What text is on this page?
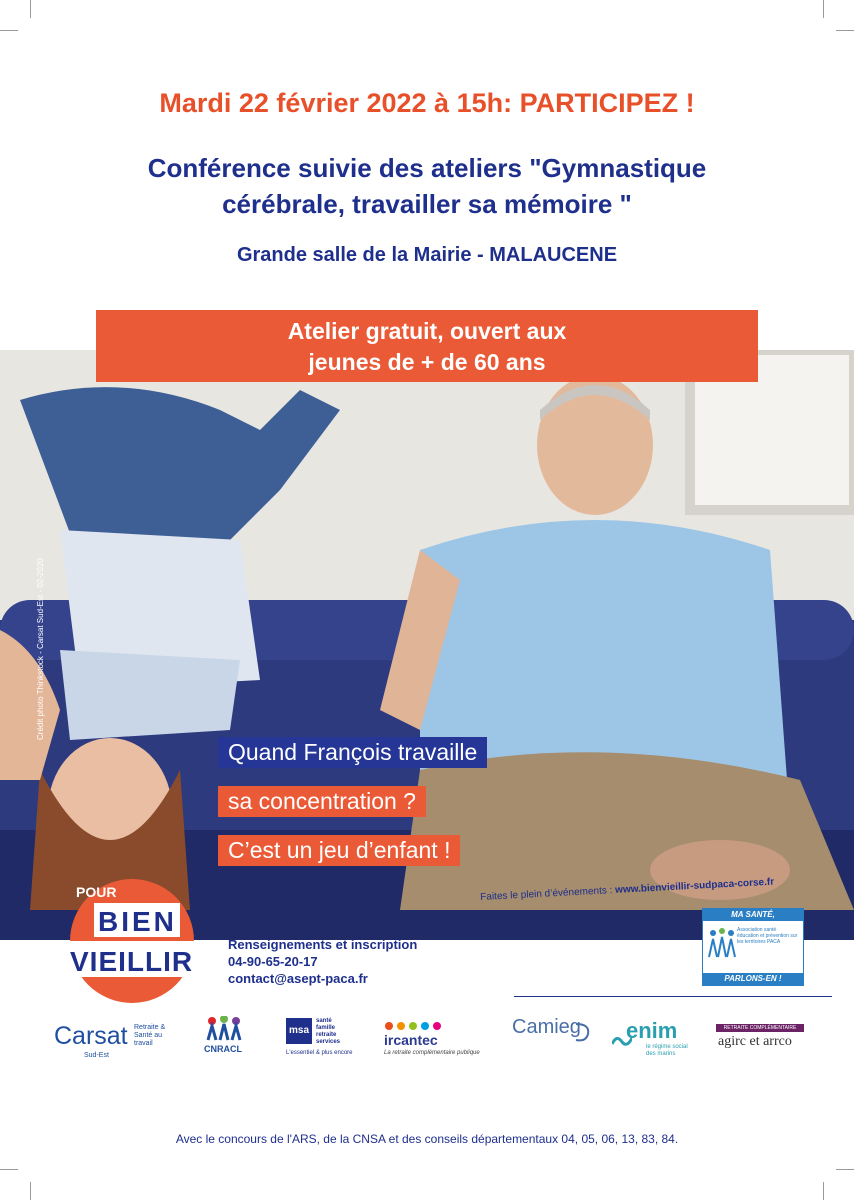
Mardi 22 février 2022 à 15h: PARTICIPEZ !
Conférence suivie des ateliers "Gymnastique
cérébrale, travailler sa mémoire "
Grande salle de la Mairie - MALAUCENE
Atelier gratuit, ouvert aux
jeunes de + de 60 ans
Crédit photo Thinkstock - Carsat Sud-Est - 02-2020
Quand François travaille
sa concentration ?
C’est un jeu d’enfant !
POUR
BIEN
VIEILLIR
Faites le plein d’événements : www.bienvieillir-sudpaca-corse.fr
Renseignements et inscription
04-90-65-20-17
contact@asept-paca.fr
MA SANTÉ,
Association santé éducation et prévention sur les territoires PACA
PARLONS-EN !
Carsat Retraite & Santé au travail
Sud-Est
CNRACL
msa
santé famille retraite services
L'essentiel & plus encore
ircantec
La retraite complémentaire publique
Camieg enim
le régime social des marins
RETRAITE COMPLÉMENTAIRE
agirc et arrco
Avec le concours de l'ARS, de la CNSA et des conseils départementaux 04, 05, 06, 13, 83, 84.
